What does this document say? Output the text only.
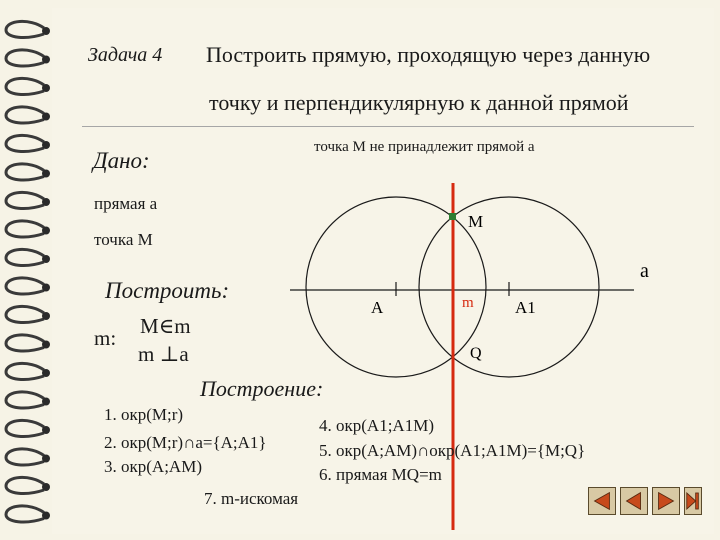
Задача 4 Построить прямую, проходящую через данную
точку и перпендикулярную к данной прямой
точка М не принадлежит прямой а
Дано:
прямая а
точка М
Построить:
m: М∈m
m ⊥а
М
а
А	m А1
Q
Построение:
1. окр(М;r)
2. окр(М;r)∩а={А;А1}
3. окр(А;АМ)
4. окр(А1;А1М)
5. окр(А;АМ)∩окр(А1;А1М)={М;Q}
6. прямая МQ=m
7. m-искомая
